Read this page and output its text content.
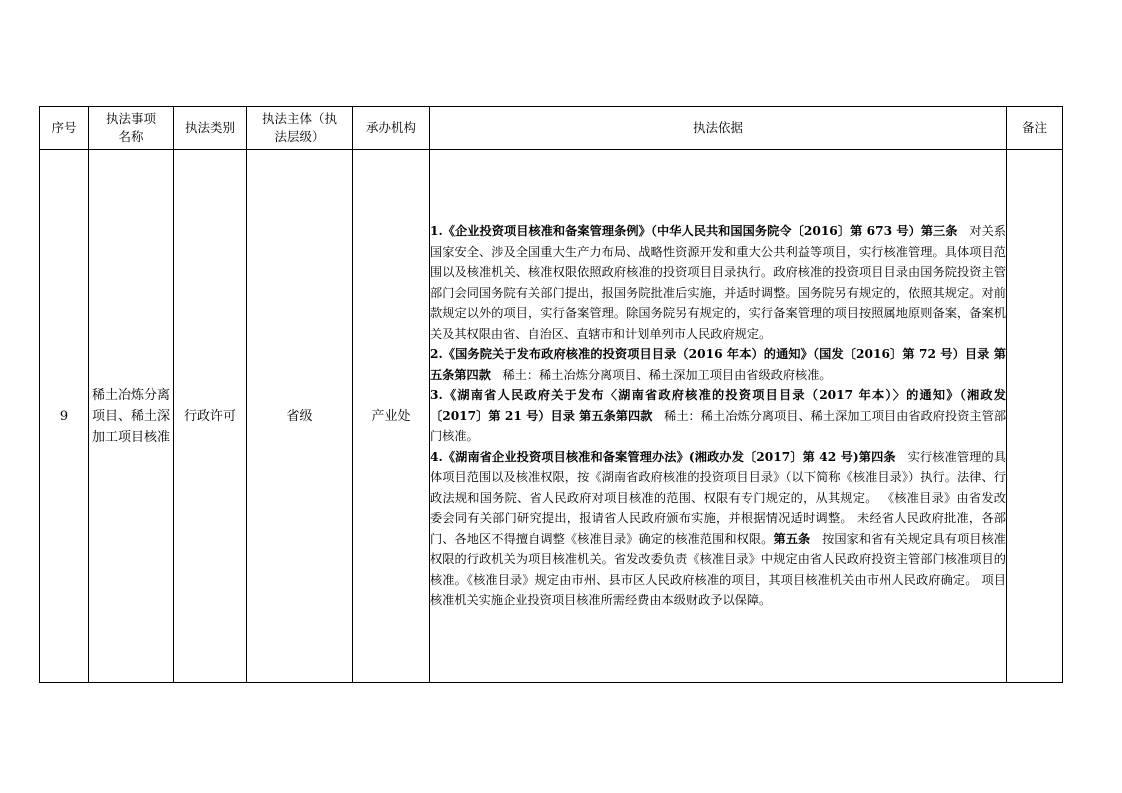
序号	执法事项名称	执法类别	执法主体（执法层级）	承办机构	执法依据	备注
9	稀土冶炼分离项目、稀土深加工项目核准	行政许可	省级	产业处	1.《企业投资项目核准和备案管理条例》（中华人民共和国国务院令〔2016〕第 673 号）第三条 对关系国家安全、涉及全国重大生产力布局、战略性资源开发和重大公共利益等项目，实行核准管理。具体项目范围以及核准机关、核准权限依照政府核准的投资项目目录执行。政府核准的投资项目目录由国务院投资主管部门会同国务院有关部门提出，报国务院批准后实施，并适时调整。国务院另有规定的，依照其规定。对前款规定以外的项目，实行备案管理。除国务院另有规定的，实行备案管理的项目按照属地原则备案，备案机关及其权限由省、自治区、直辖市和计划单列市人民政府规定。

2.《国务院关于发布政府核准的投资项目目录（2016 年本）的通知》（国发〔2016〕第 72 号）目录 第五条第四款 稀土：稀土冶炼分离项目、稀土深加工项目由省级政府核准。

3.《湖南省人民政府关于发布〈湖南省政府核准的投资项目目录（2017 年本）〉的通知》（湘政发〔2017〕第 21 号）目录 第五条第四款 稀土：稀土冶炼分离项目、稀土深加工项目由省政府投资主管部门核准。

4.《湖南省企业投资项目核准和备案管理办法》(湘政办发〔2017〕第 42 号)第四条 实行核准管理的具体项目范围以及核准权限，按《湖南省政府核准的投资项目目录》（以下简称《核准目录》）执行。法律、行政法规和国务院、省人民政府对项目核准的范围、权限有专门规定的，从其规定。 《核准目录》由省发改委会同有关部门研究提出，报请省人民政府颁布实施，并根据情况适时调整。 未经省人民政府批准，各部门、各地区不得擅自调整《核准目录》确定的核准范围和权限。第五条 按国家和省有关规定具有项目核准权限的行政机关为项目核准机关。省发改委负责《核准目录》中规定由省人民政府投资主管部门核准项目的核准。《核准目录》规定由市州、县市区人民政府核准的项目，其项目核准机关由市州人民政府确定。 项目核准机关实施企业投资项目核准所需经费由本级财政予以保障。	
